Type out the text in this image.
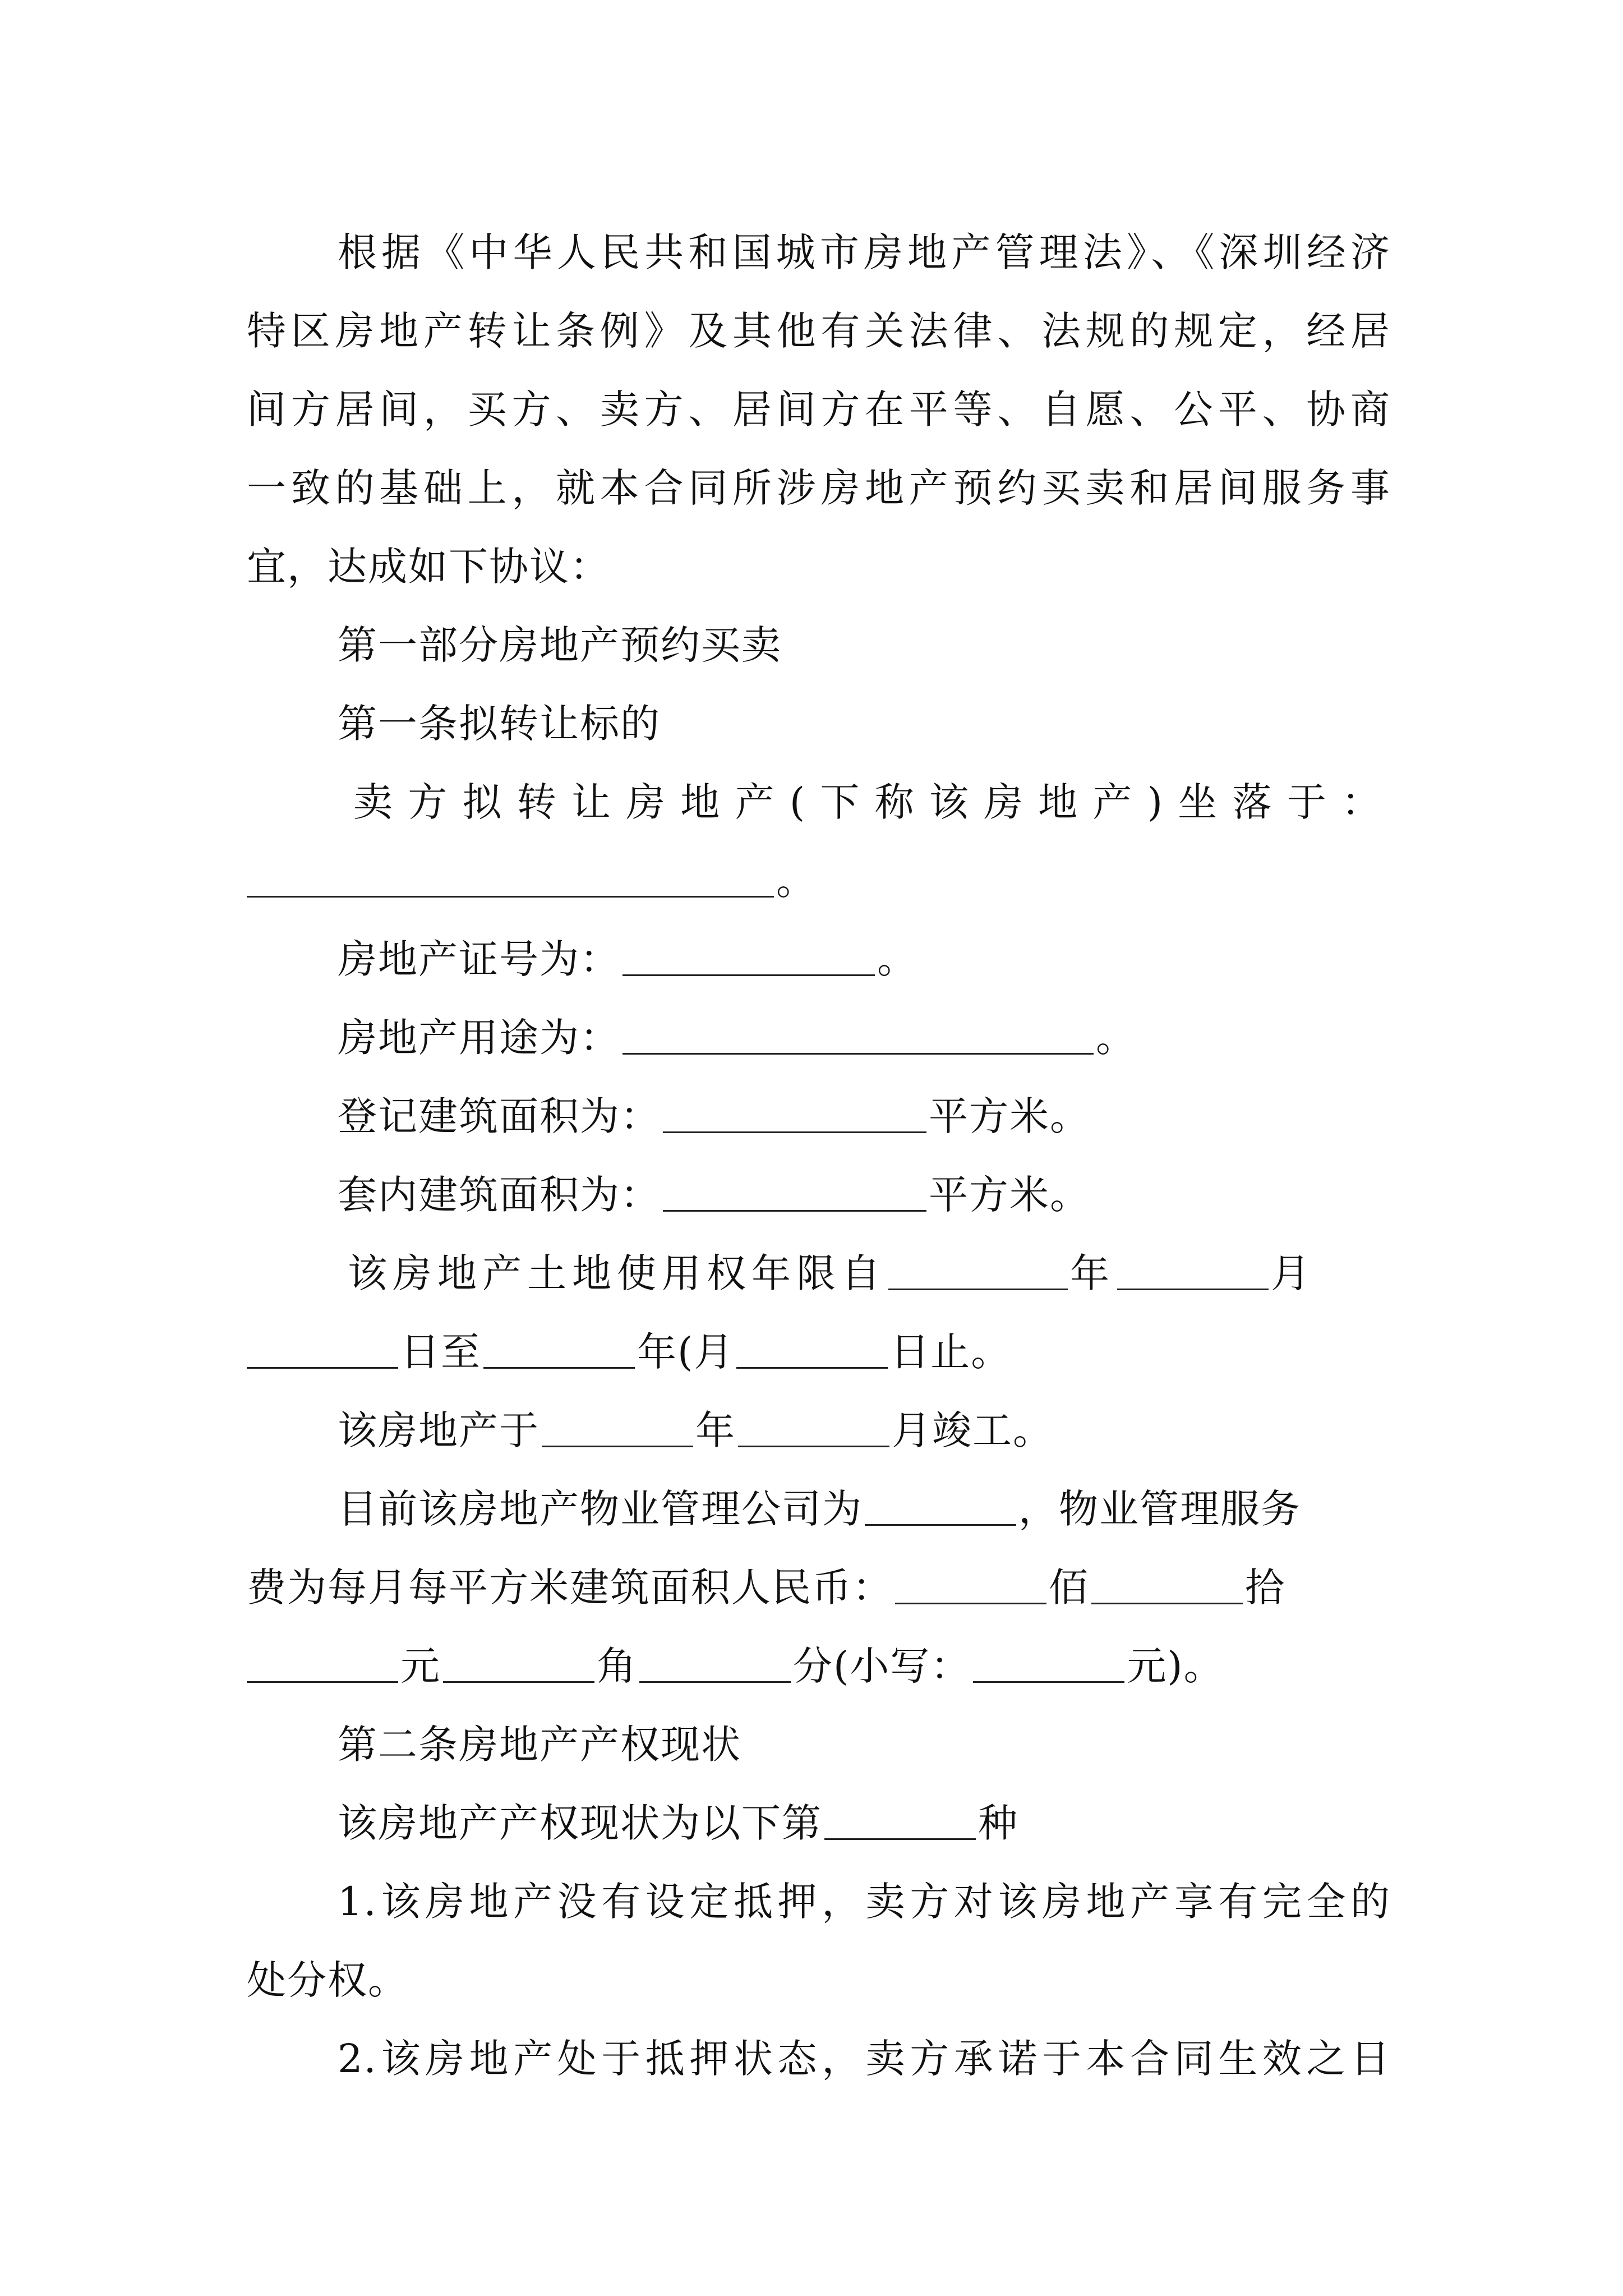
根据《中华人民共和国城市房地产管理法》、《深圳经济
特区房地产转让条例》及其他有关法律、法规的规定，经居
间方居间，买方、卖方、居间方在平等、自愿、公平、协商
一致的基础上，就本合同所涉房地产预约买卖和居间服务事
宜，达成如下协议：
第一部分房地产预约买卖
第一条拟转让标的
卖方拟转让房地产(下称该房地产)坐落于：
。
房地产证号为：	。
房地产用途为：	。
登记建筑面积为：	平方米。
套内建筑面积为：	平方米。
该房地产土地使用权年限自	年	月
日至	年(月	日止。
该房地产于	年	月竣工。
目前该房地产物业管理公司为	，物业管理服务
费为每月每平方米建筑面积人民币：	佰	拾
元	角	分(小写：	元)。
第二条房地产产权现状
该房地产产权现状为以下第	种
1.该房地产没有设定抵押，卖方对该房地产享有完全的
处分权。
2.该房地产处于抵押状态，卖方承诺于本合同生效之日
